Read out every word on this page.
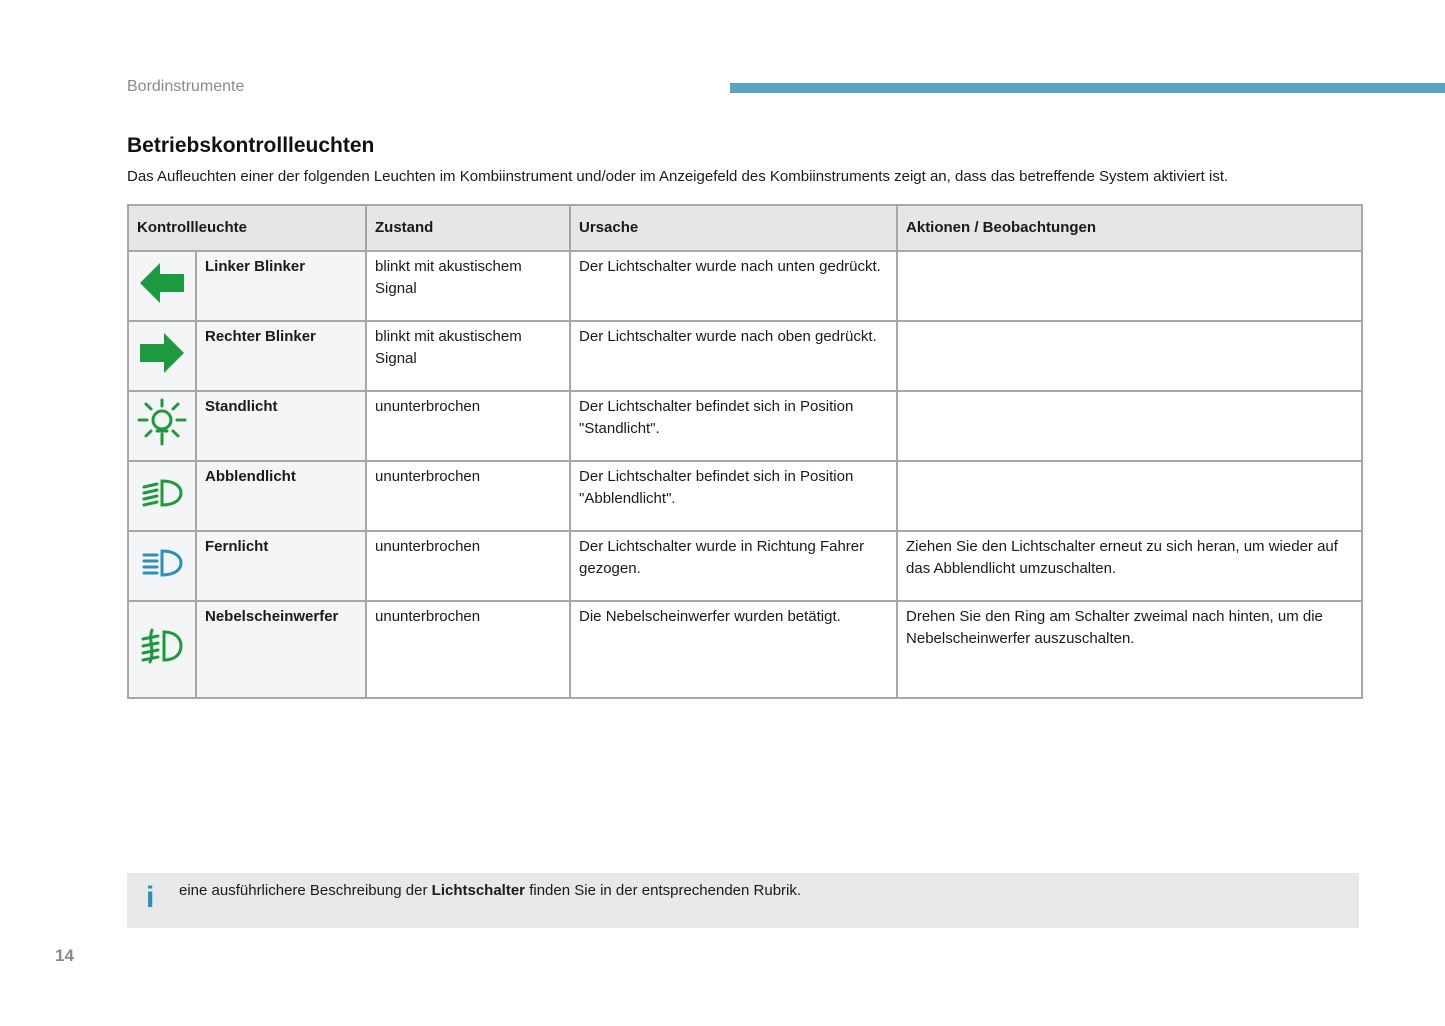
Bordinstrumente
Betriebskontrollleuchten
Das Aufleuchten einer der folgenden Leuchten im Kombiinstrument und/oder im Anzeigefeld des Kombiinstruments zeigt an, dass das betreffende System aktiviert ist.
Kontrollleuchte		Zustand	Ursache	Aktionen / Beobachtungen
	Linker Blinker	blinkt mit akustischem Signal	Der Lichtschalter wurde nach unten gedrückt.	
	Rechter Blinker	blinkt mit akustischem Signal	Der Lichtschalter wurde nach oben gedrückt.	
	Standlicht	ununterbrochen	Der Lichtschalter befindet sich in Position "Standlicht".	
	Abblendlicht	ununterbrochen	Der Lichtschalter befindet sich in Position "Abblendlicht".	
	Fernlicht	ununterbrochen	Der Lichtschalter wurde in Richtung Fahrer gezogen.	Ziehen Sie den Lichtschalter erneut zu sich heran, um wieder auf das Abblendlicht umzuschalten.
	Nebelscheinwerfer	ununterbrochen	Die Nebelscheinwerfer wurden betätigt.	Drehen Sie den Ring am Schalter zweimal nach hinten, um die Nebelscheinwerfer auszuschalten.
i eine ausführlichere Beschreibung der Lichtschalter finden Sie in der entsprechenden Rubrik.
14
